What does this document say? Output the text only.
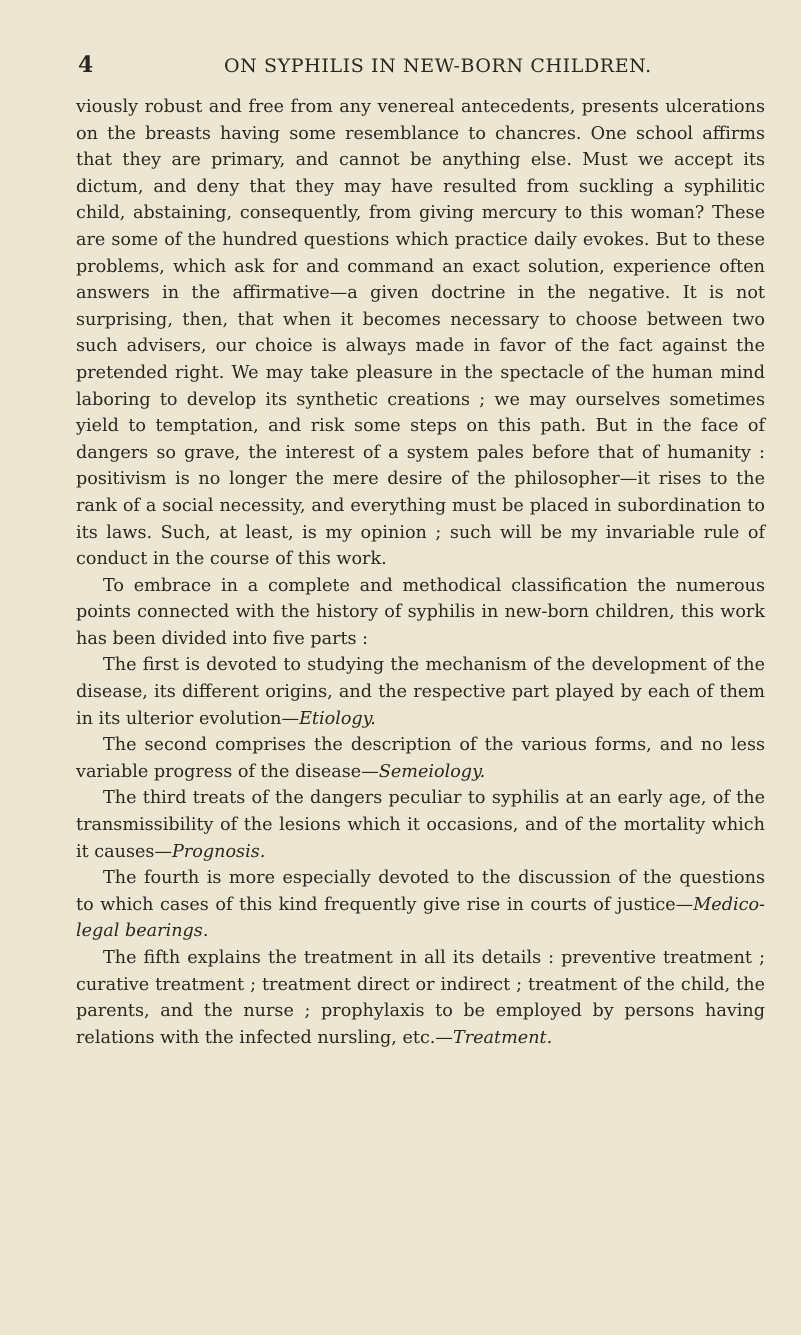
4	ON SYPHILIS IN NEW-BORN CHILDREN.

viously robust and free from any venereal antecedents, presents ulcerations on the breasts having some resemblance to chancres. One school affirms that they are primary, and cannot be anything else. Must we accept its dictum, and deny that they may have resulted from suckling a syphilitic child, abstaining, consequently, from giving mercury to this woman? These are some of the hundred questions which practice daily evokes. But to these problems, which ask for and command an exact solution, experience often answers in the affirmative—a given doctrine in the negative. It is not surprising, then, that when it becomes necessary to choose between two such advisers, our choice is always made in favor of the fact against the pretended right. We may take pleasure in the spectacle of the human mind laboring to develop its synthetic creations ; we may ourselves sometimes yield to temptation, and risk some steps on this path. But in the face of dangers so grave, the interest of a system pales before that of humanity : positivism is no longer the mere desire of the philosopher—it rises to the rank of a social necessity, and everything must be placed in subordination to its laws. Such, at least, is my opinion ; such will be my invariable rule of conduct in the course of this work.

To embrace in a complete and methodical classification the numerous points connected with the history of syphilis in new-born children, this work has been divided into five parts :

The first is devoted to studying the mechanism of the development of the disease, its different origins, and the respective part played by each of them in its ulterior evolution—Etiology.

The second comprises the description of the various forms, and no less variable progress of the disease—Semeiology.

The third treats of the dangers peculiar to syphilis at an early age, of the transmissibility of the lesions which it occasions, and of the mortality which it causes—Prognosis.

The fourth is more especially devoted to the discussion of the questions to which cases of this kind frequently give rise in courts of justice—Medico-legal bearings.

The fifth explains the treatment in all its details : preventive treatment ; curative treatment ; treatment direct or indirect ; treatment of the child, the parents, and the nurse ; prophylaxis to be employed by persons having relations with the infected nursling, etc.—Treatment.
